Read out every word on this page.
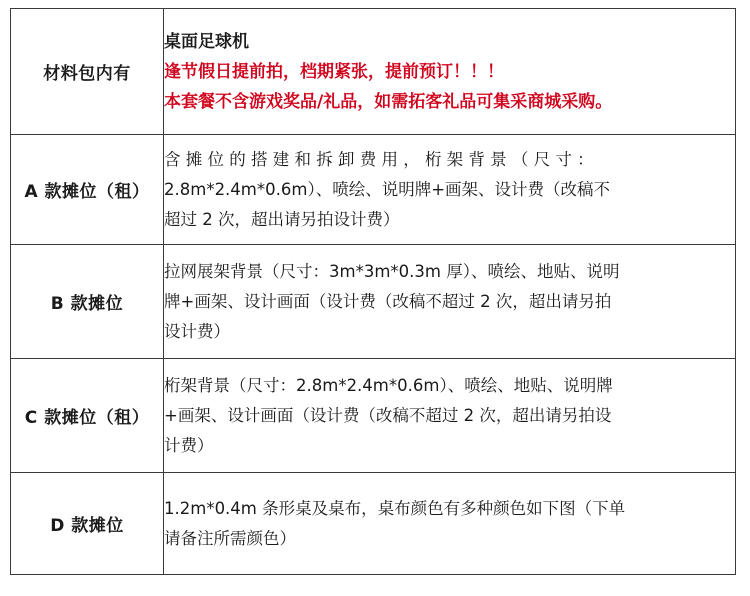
材料包内有	桌面足球机
逢节假日提前拍，档期紧张，提前预订！！！
本套餐不含游戏奖品/礼品，如需拓客礼品可集采商城采购。

A 款摊位（租）	含 摊 位 的 搭 建 和 拆 卸 费 用 ， 桁 架 背 景 （ 尺 寸 ：
2.8m*2.4m*0.6m）、喷绘、说明牌+画架、设计费（改稿不
超过 2 次，超出请另拍设计费）

B 款摊位	拉网展架背景（尺寸：3m*3m*0.3m 厚）、喷绘、地贴、说明
牌+画架、设计画面（设计费（改稿不超过 2 次，超出请另拍
设计费）

C 款摊位（租）	桁架背景（尺寸：2.8m*2.4m*0.6m）、喷绘、地贴、说明牌
+画架、设计画面（设计费（改稿不超过 2 次，超出请另拍设
计费）

D 款摊位	1.2m*0.4m 条形桌及桌布，桌布颜色有多种颜色如下图（下单
请备注所需颜色）
